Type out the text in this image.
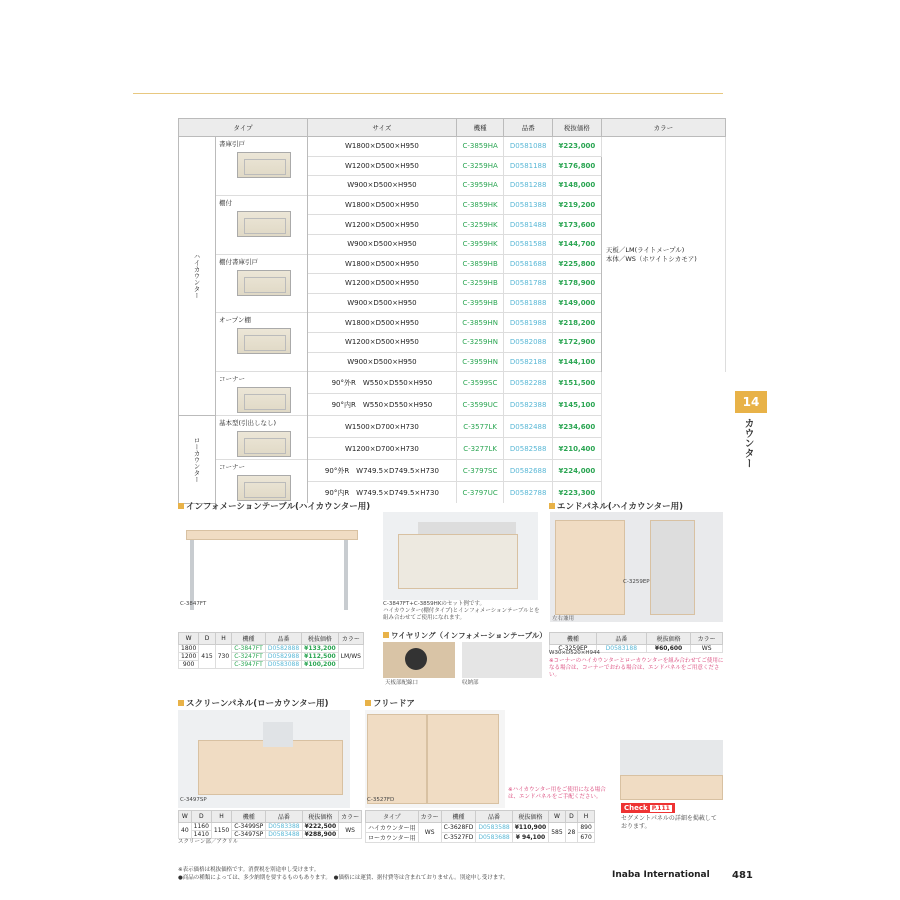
タイプ		サイズ	機種	品番	税抜価格	カラー
ハイカウンター	書庫引戸	W1800×D500×H950	C-3859HA	D0581088	¥223,000	天板／LM(ライトメープル)
本体／WS（ホワイトシカモア)
		W1200×D500×H950	C-3259HA	D0581188	¥176,800	
		W900×D500×H950	C-3959HA	D0581288	¥148,000	

	棚付	W1800×D500×H950	C-3859HK	D0581388	¥219,200	
		W1200×D500×H950	C-3259HK	D0581488	¥173,600	
		W900×D500×H950	C-3959HK	D0581588	¥144,700	

	棚付書庫引戸	W1800×D500×H950	C-3859HB	D0581688	¥225,800	
		W1200×D500×H950	C-3259HB	D0581788	¥178,900	
		W900×D500×H950	C-3959HB	D0581888	¥149,000	

	オープン棚	W1800×D500×H950	C-3859HN	D0581988	¥218,200	
		W1200×D500×H950	C-3259HN	D0582088	¥172,900	
		W900×D500×H950	C-3959HN	D0582188	¥144,100	

	コーナー	90°外R　W550×D550×H950	C-3599SC	D0582288	¥151,500	
		90°内R　W550×D550×H950	C-3599UC	D0582388	¥145,100	
ローカウンター	基本型(引出しなし)	W1500×D700×H730	C-3577LK	D0582488	¥234,600	
		W1200×D700×H730	C-3277LK	D0582588	¥210,400	

	コーナー	90°外R　W749.5×D749.5×H730	C-3797SC	D0582688	¥224,000	
		90°内R　W749.5×D749.5×H730	C-3797UC	D0582788	¥223,300	
14
カウンター
インフォメーションテーブル(ハイカウンター用)
C-3847FT	C-3847FT+C-3859HKのセット例です。
ハイカウンター(棚付タイプ)とインフォメーションテーブルとを組み合わせてご使用になれます。
W	D	H	機種	品番	税抜価格	カラー
1800	415	730	C-3847FT	D0582888	¥133,200	LM/WS
1200			C-3247FT	D0582988	¥112,500	
900			C-3947FT	D0583088	¥100,200	
ワイヤリング（インフォメーションテーブル）
天板部配線口	収納部
エンドパネル(ハイカウンター用)
C-3259EP
左右兼用
機種	品番	税抜価格	カラー
C-3259EP	D0583188	¥60,600	WS
W30×D520×H944
※コーナーのハイカウンターとローカウンターを組み合わせてご使用になる場合は、コーナーでおわる場合は、エンドパネルをご用意ください。
スクリーンパネル(ローカウンター用)
C-3497SP
W	D	H	機種	品番	税抜価格	カラー
40	1160	1150	C-3499SP	D0583388	¥222,500	WS
	1410		C-3497SP	D0583488	¥288,900	
スクリーン部／アクリル
フリードア
C-3527FD
※ハイカウンター用をご使用になる場合は、エンドパネルをご手配ください。
タイプ	カラー	機種	品番	税抜価格	W	D	H
ハイカウンター用	WS	C-3628FD	D0583588	¥110,900	585	28	890
ローカウンター用		C-3527FD	D0583688	¥ 94,100			670
Check P.111
セグメントパネルの詳細を掲載しております。
※表示価格は税抜価格です。消費税を別途申し受けます。
●商品の種類によっては、多少納期を要するものもあります。　●価格には運賃、据付費等は含まれておりません。別途申し受けます。	Inaba International 481
